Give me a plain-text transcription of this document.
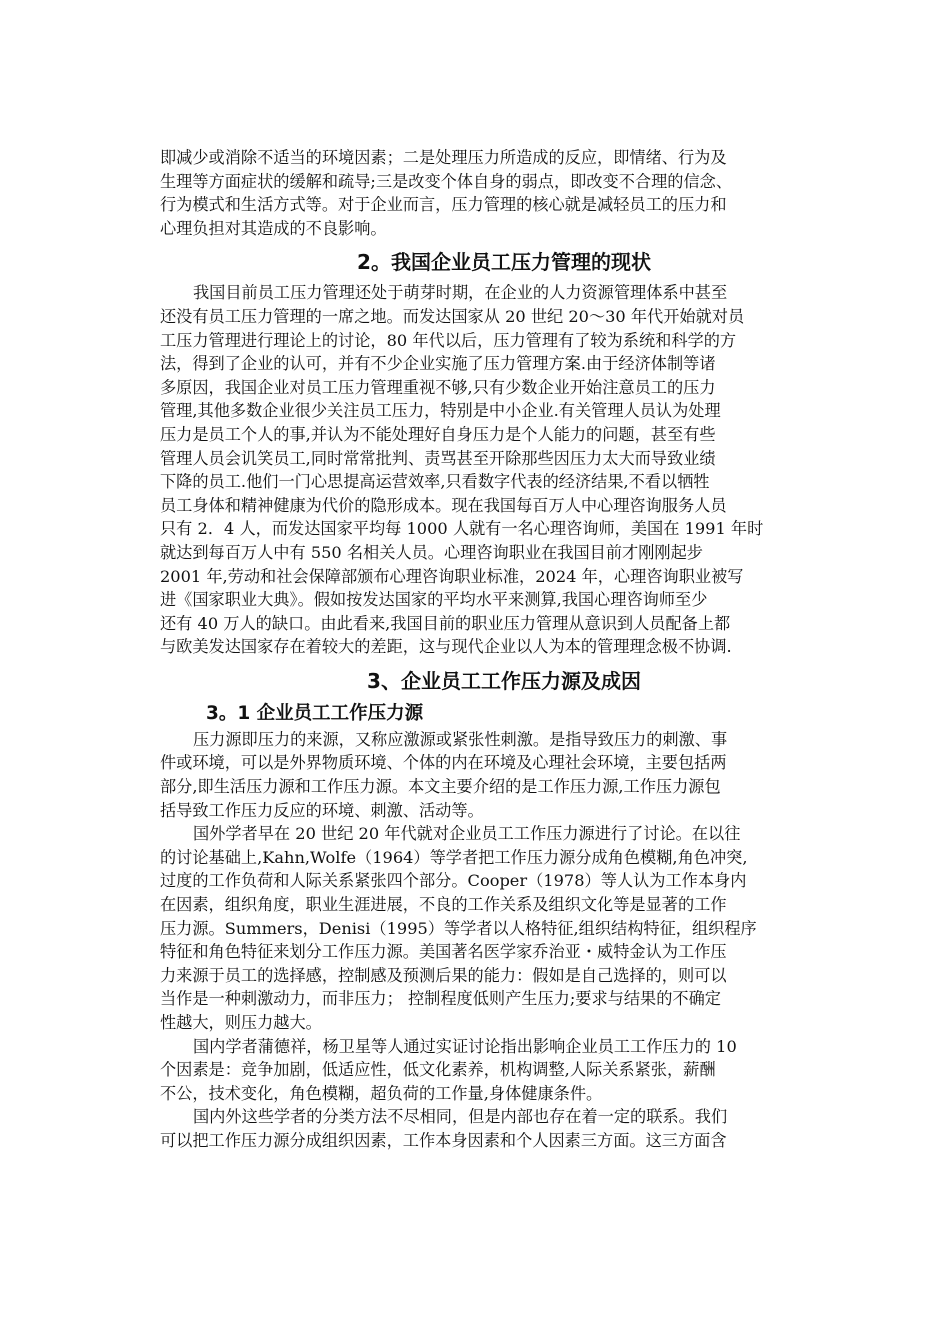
即减少或消除不适当的环境因素；二是处理压力所造成的反应，即情绪、行为及
生理等方面症状的缓解和疏导;三是改变个体自身的弱点，即改变不合理的信念、
行为模式和生活方式等。对于企业而言，压力管理的核心就是减轻员工的压力和
心理负担对其造成的不良影响。
2。我国企业员工压力管理的现状
我国目前员工压力管理还处于萌芽时期，在企业的人力资源管理体系中甚至
还没有员工压力管理的一席之地。而发达国家从 20 世纪 20～30 年代开始就对员
工压力管理进行理论上的讨论，80 年代以后，压力管理有了较为系统和科学的方
法，得到了企业的认可，并有不少企业实施了压力管理方案.由于经济体制等诸
多原因，我国企业对员工压力管理重视不够,只有少数企业开始注意员工的压力
管理,其他多数企业很少关注员工压力，特别是中小企业.有关管理人员认为处理
压力是员工个人的事,并认为不能处理好自身压力是个人能力的问题，甚至有些
管理人员会讥笑员工,同时常常批判、责骂甚至开除那些因压力太大而导致业绩
下降的员工.他们一门心思提高运营效率,只看数字代表的经济结果,不看以牺牲
员工身体和精神健康为代价的隐形成本。现在我国每百万人中心理咨询服务人员
只有 2．4 人，而发达国家平均每 1000 人就有一名心理咨询师，美国在 1991 年时
就达到每百万人中有 550 名相关人员。心理咨询职业在我国目前才刚刚起步
2001 年,劳动和社会保障部颁布心理咨询职业标准，2024 年，心理咨询职业被写
进《国家职业大典》。假如按发达国家的平均水平来测算,我国心理咨询师至少
还有 40 万人的缺口。由此看来,我国目前的职业压力管理从意识到人员配备上都
与欧美发达国家存在着较大的差距，这与现代企业以人为本的管理理念极不协调.
3、企业员工工作压力源及成因
3。1 企业员工工作压力源
压力源即压力的来源，又称应激源或紧张性刺激。是指导致压力的刺激、事
件或环境，可以是外界物质环境、个体的内在环境及心理社会环境，主要包括两
部分,即生活压力源和工作压力源。本文主要介绍的是工作压力源,工作压力源包
括导致工作压力反应的环境、刺激、活动等。
国外学者早在 20 世纪 20 年代就对企业员工工作压力源进行了讨论。在以往
的讨论基础上,Kahn,Wolfe（1964）等学者把工作压力源分成角色模糊,角色冲突,
过度的工作负荷和人际关系紧张四个部分。Cooper（1978）等人认为工作本身内
在因素，组织角度，职业生涯进展，不良的工作关系及组织文化等是显著的工作
压力源。Summers，Denisi（1995）等学者以人格特征,组织结构特征，组织程序
特征和角色特征来划分工作压力源。美国著名医学家乔治亚・威特金认为工作压
力来源于员工的选择感，控制感及预测后果的能力：假如是自己选择的，则可以
当作是一种刺激动力，而非压力； 控制程度低则产生压力;要求与结果的不确定
性越大，则压力越大。
国内学者蒲德祥，杨卫星等人通过实证讨论指出影响企业员工工作压力的 10
个因素是：竞争加剧，低适应性，低文化素养，机构调整,人际关系紧张，薪酬
不公，技术变化，角色模糊，超负荷的工作量,身体健康条件。
国内外这些学者的分类方法不尽相同，但是内部也存在着一定的联系。我们
可以把工作压力源分成组织因素，工作本身因素和个人因素三方面。这三方面含
